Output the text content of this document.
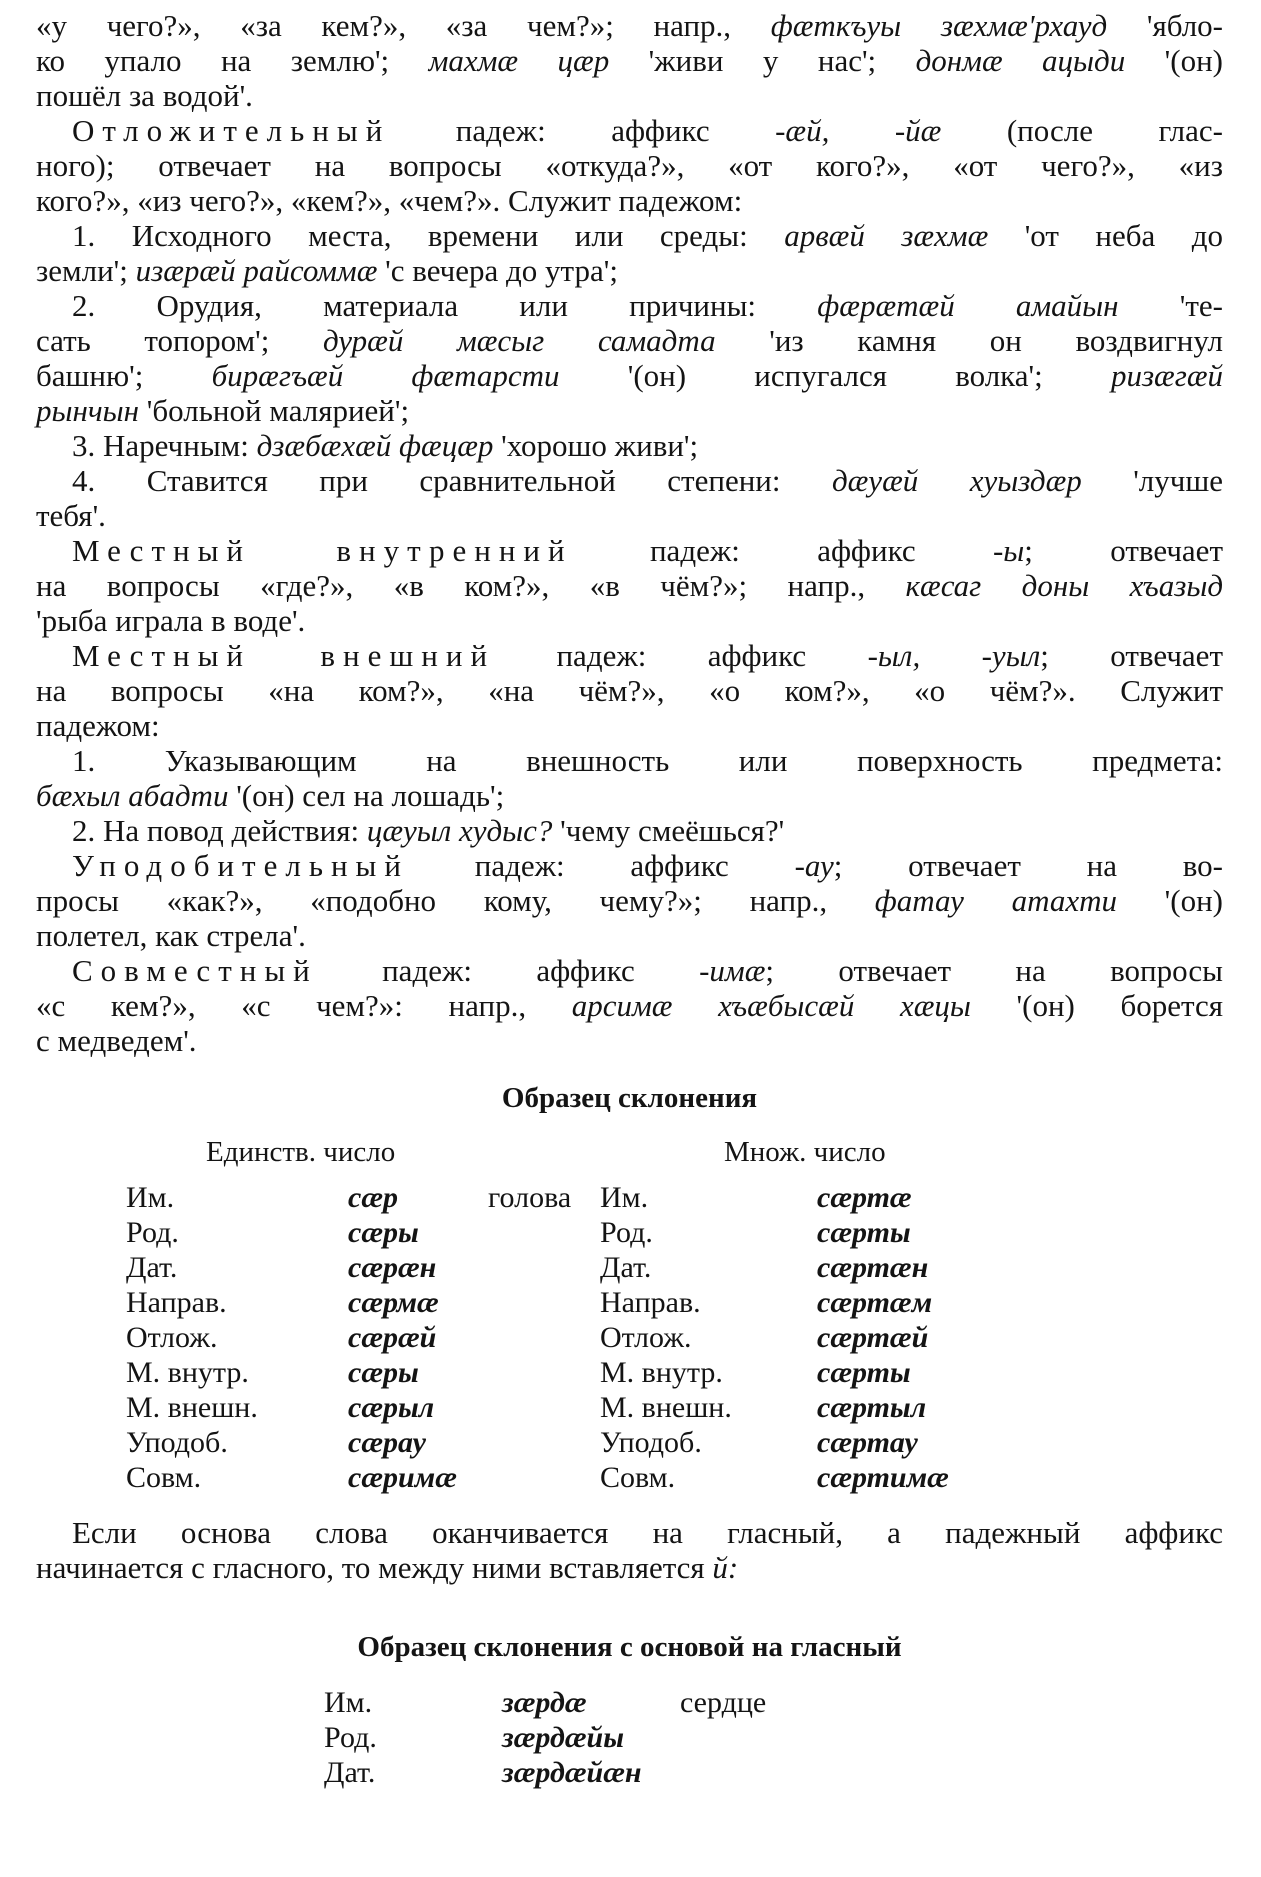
«у чего?», «за кем?», «за чем?»; напр., фæткъуы зæхмæ'рхауд 'ябло-
ко упало на землю'; махмæ цæр 'живи у нас'; донмæ ацыди '(он)
пошёл за водой'.
Отложительный падеж: аффикс -æй, -йæ (после глас-
ного); отвечает на вопросы «откуда?», «от кого?», «от чего?», «из
кого?», «из чего?», «кем?», «чем?». Служит падежом:
1. Исходного места, времени или среды: арвæй зæхмæ 'от неба до
земли'; изæрæй райсоммæ 'с вечера до утра';
2. Орудия, материала или причины: фæрæтæй амайын 'те-
сать топором'; дурæй мæсыг самадта 'из камня он воздвигнул
башню'; бирæгъæй фæтарсти '(он) испугался волка'; ризæгæй
рынчын 'больной малярией';
3. Наречным: дзæбæхæй фæцæр 'хорошо живи';
4. Ставится при сравнительной степени: дæуæй хуыздæр 'лучше
тебя'.
Местный внутренний падеж: аффикс -ы; отвечает
на вопросы «где?», «в ком?», «в чём?»; напр., кæсаг доны хъазыд
'рыба играла в воде'.
Местный внешний падеж: аффикс -ыл, -уыл; отвечает
на вопросы «на ком?», «на чём?», «о ком?», «о чём?». Служит
падежом:
1. Указывающим на внешность или поверхность предмета:
бæхыл абадти '(он) сел на лошадь';
2. На повод действия: цæуыл худыс? 'чему смеёшься?'
Уподобительный падеж: аффикс -ау; отвечает на во-
просы «как?», «подобно кому, чему?»; напр., фатау атахти '(он)
полетел, как стрела'.
Совместный падеж: аффикс -имæ; отвечает на вопросы
«с кем?», «с чем?»: напр., арсимæ хъæбысæй хæцы '(он) борется
с медведем'.
Образец склонения
Единств. число	Множ. число
Им.	сæр	голова	Им.	сæртæ
Род.	сæры		Род.	сæрты
Дат.	сæрæн		Дат.	сæртæн
Направ.	сæрмæ		Направ.	сæртæм
Отлож.	сæрæй		Отлож.	сæртæй
М. внутр.	сæры		М. внутр.	сæрты
М. внешн.	сæрыл		М. внешн.	сæртыл
Уподоб.	сæрау		Уподоб.	сæртау
Совм.	сæримæ		Совм.	сæртимæ
Если основа слова оканчивается на гласный, а падежный аффикс
начинается с гласного, то между ними вставляется й:
Образец склонения с основой на гласный
Им.	зæрдæ	сердце
Род.	зæрдæйы	
Дат.	зæрдæйæн	
